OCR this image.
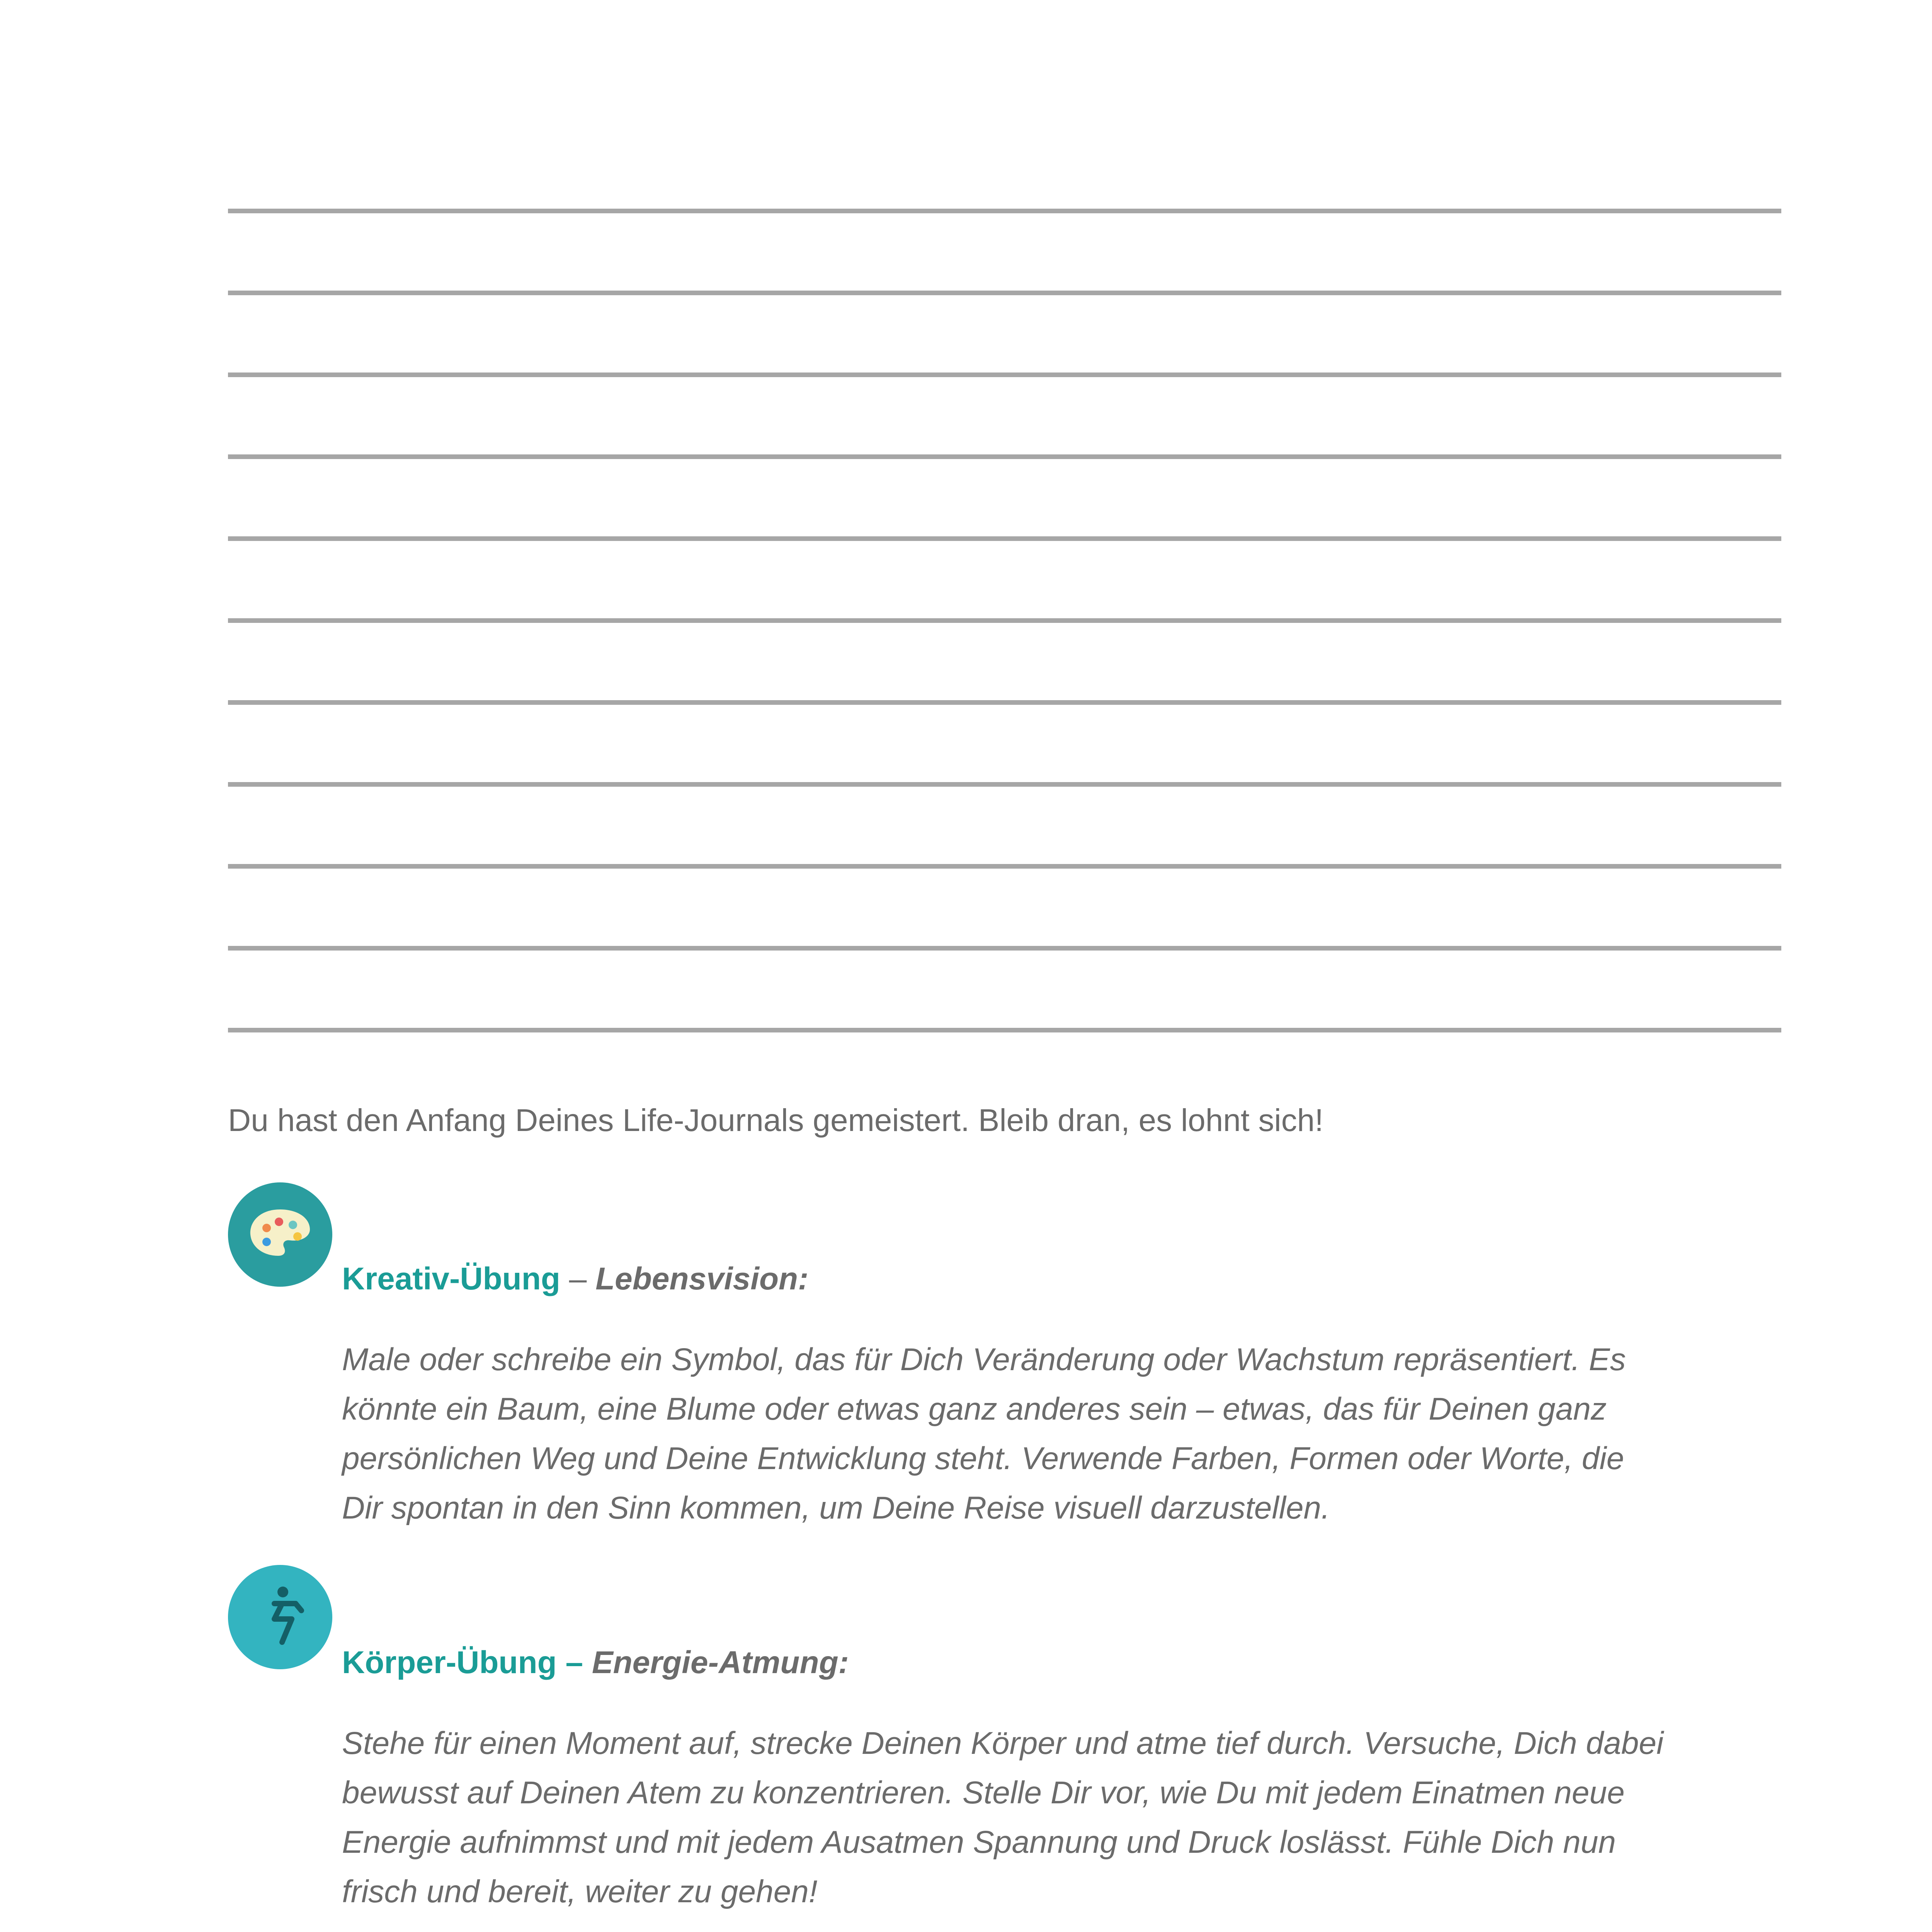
Du hast den Anfang Deines Life-Journals gemeistert. Bleib dran, es lohnt sich!
Kreativ-Übung – Lebensvision:
Male oder schreibe ein Symbol, das für Dich Veränderung oder Wachstum repräsentiert. Es
könnte ein Baum, eine Blume oder etwas ganz anderes sein – etwas, das für Deinen ganz
persönlichen Weg und Deine Entwicklung steht. Verwende Farben, Formen oder Worte, die
Dir spontan in den Sinn kommen, um Deine Reise visuell darzustellen.
Körper-Übung – Energie-Atmung:
Stehe für einen Moment auf, strecke Deinen Körper und atme tief durch. Versuche, Dich dabei
bewusst auf Deinen Atem zu konzentrieren. Stelle Dir vor, wie Du mit jedem Einatmen neue
Energie aufnimmst und mit jedem Ausatmen Spannung und Druck loslässt. Fühle Dich nun
frisch und bereit, weiter zu gehen!
